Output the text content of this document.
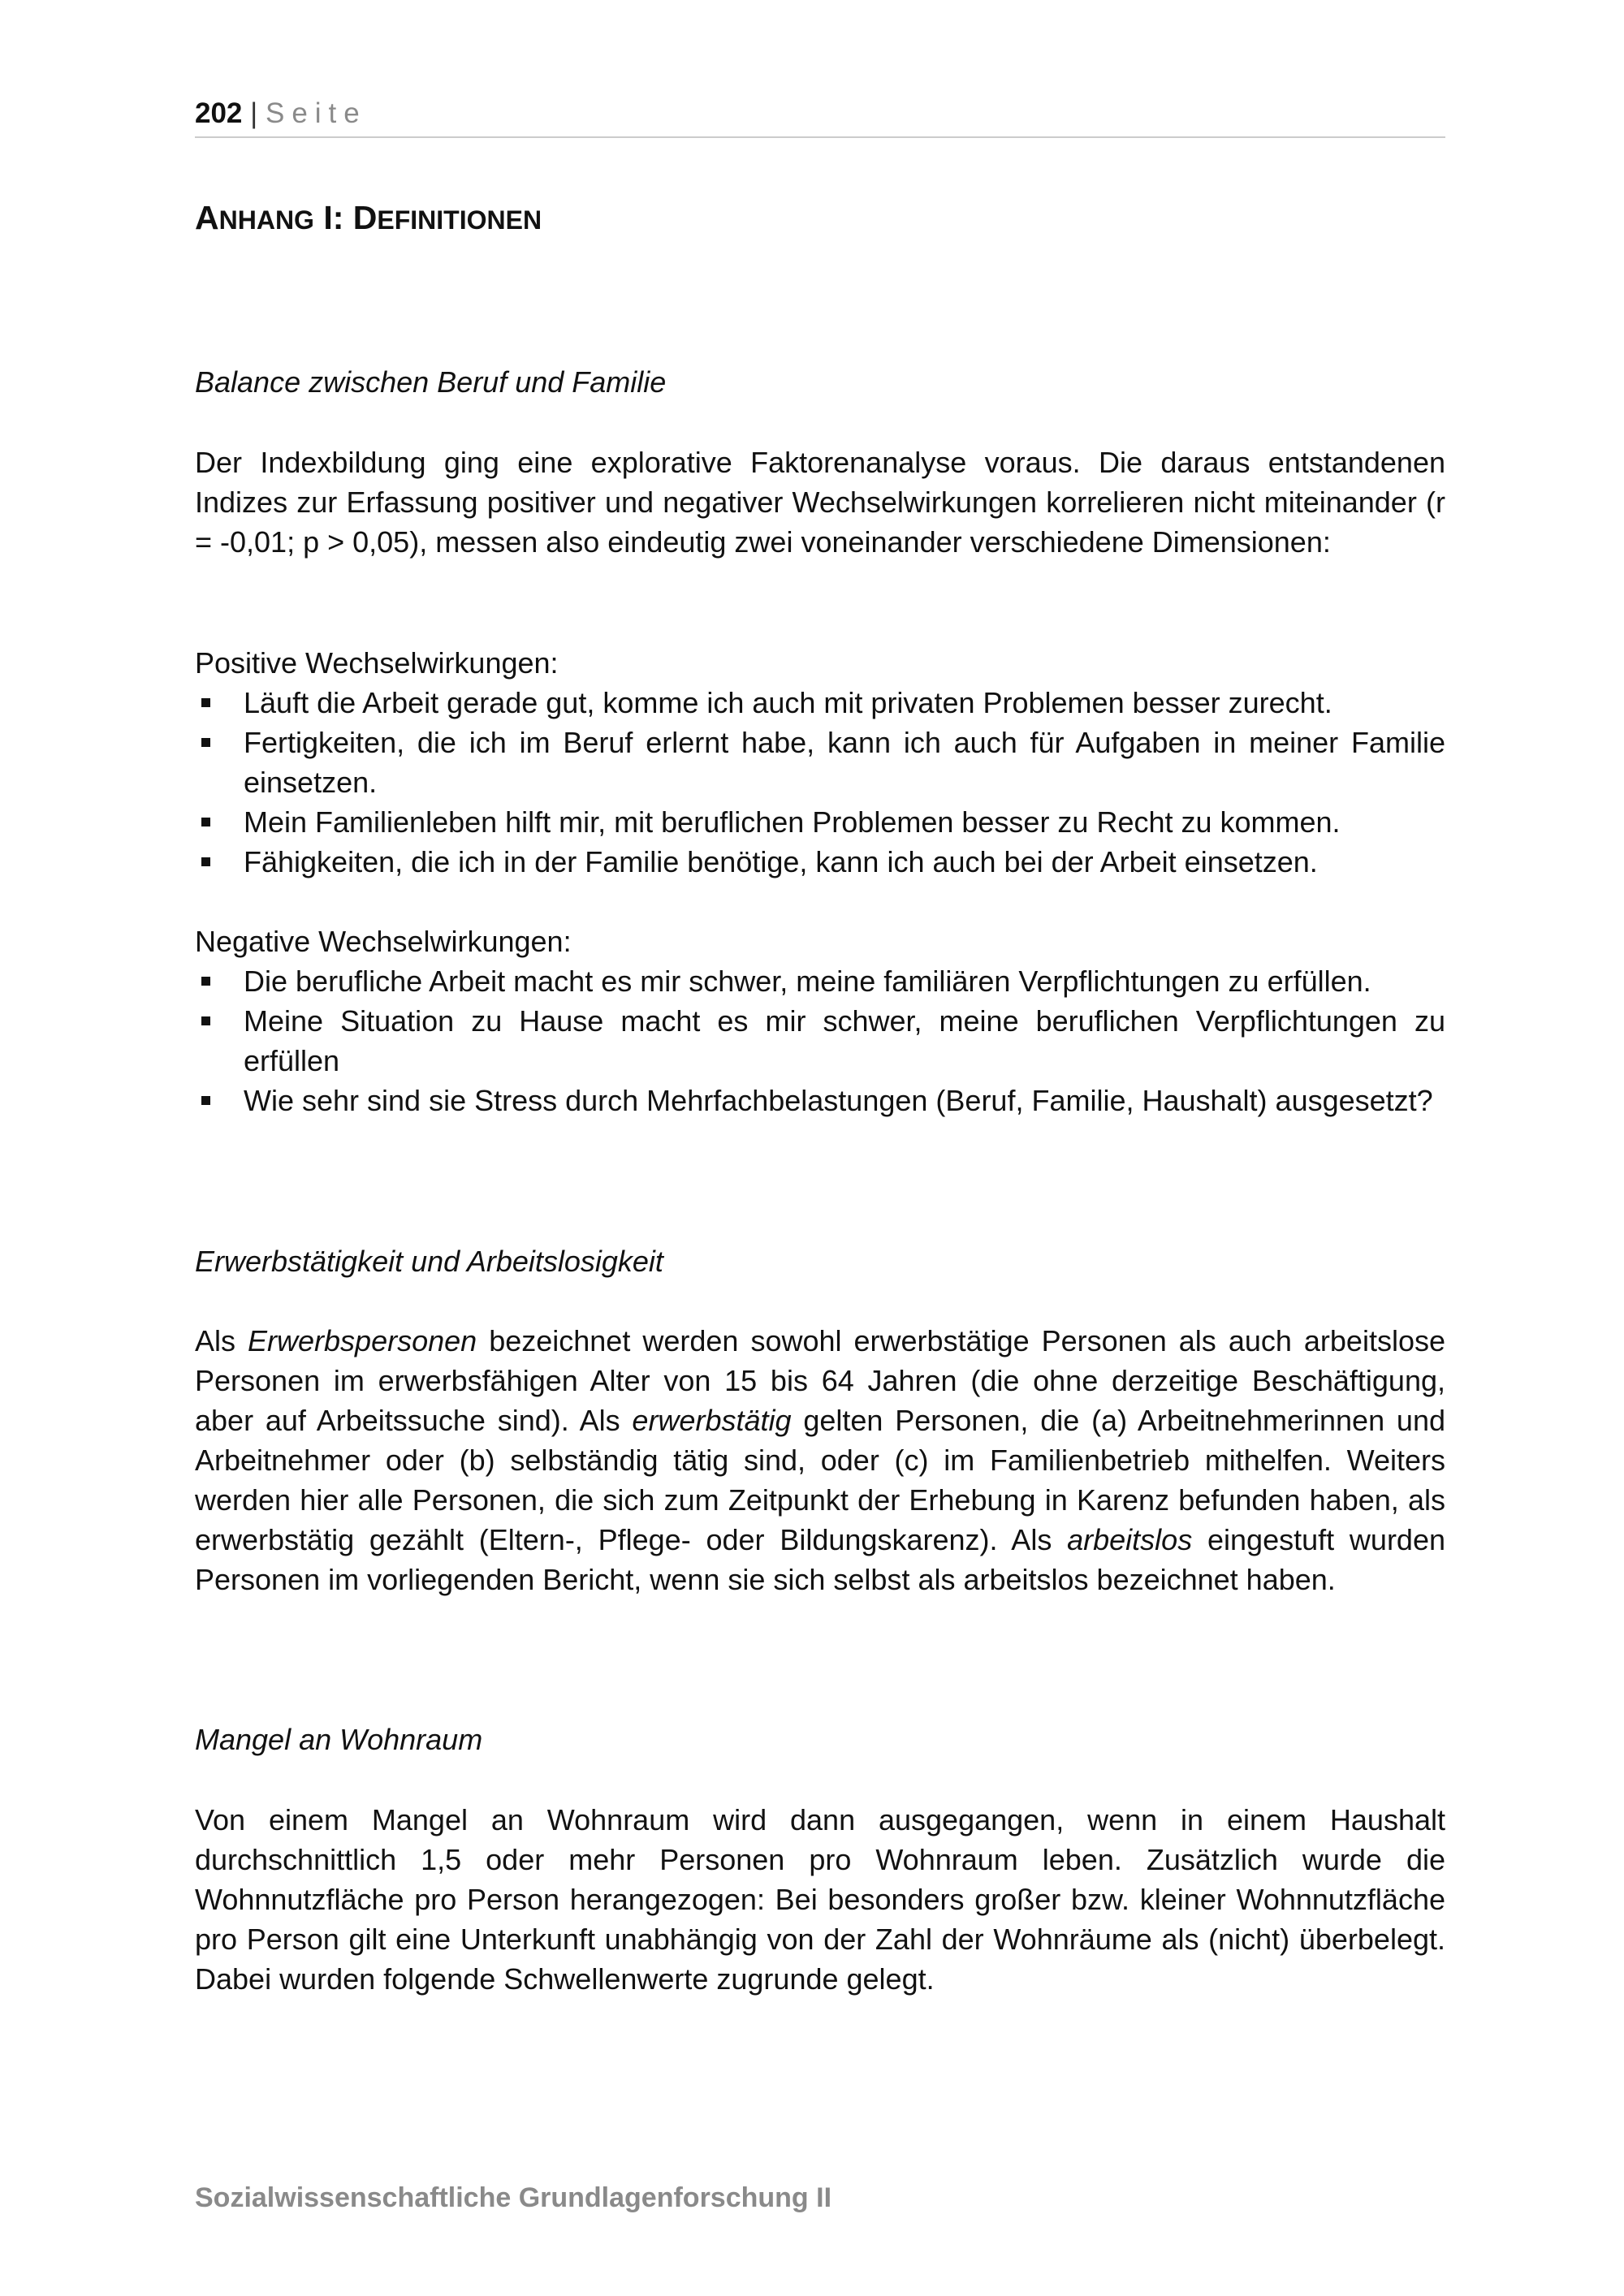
202 | Seite
ANHANG I: DEFINITIONEN
Balance zwischen Beruf und Familie

Der Indexbildung ging eine explorative Faktorenanalyse voraus. Die daraus entstandenen Indizes zur Erfassung positiver und negativer Wechselwirkungen korrelieren nicht miteinander (r = -0,01; p > 0,05), messen also eindeutig zwei voneinander verschiedene Dimensionen:

Positive Wechselwirkungen:
Läuft die Arbeit gerade gut, komme ich auch mit privaten Problemen besser zurecht.
Fertigkeiten, die ich im Beruf erlernt habe, kann ich auch für Aufgaben in meiner Familie einsetzen.
Mein Familienleben hilft mir, mit beruflichen Problemen besser zu Recht zu kommen.
Fähigkeiten, die ich in der Familie benötige, kann ich auch bei der Arbeit einsetzen.
Negative Wechselwirkungen:
Die berufliche Arbeit macht es mir schwer, meine familiären Verpflichtungen zu erfüllen.
Meine Situation zu Hause macht es mir schwer, meine beruflichen Verpflichtungen zu erfüllen
Wie sehr sind sie Stress durch Mehrfachbelastungen (Beruf, Familie, Haushalt) ausgesetzt?
Erwerbstätigkeit und Arbeitslosigkeit

Als Erwerbspersonen bezeichnet werden sowohl erwerbstätige Personen als auch arbeitslose Personen im erwerbsfähigen Alter von 15 bis 64 Jahren (die ohne derzeitige Beschäftigung, aber auf Arbeitssuche sind). Als erwerbstätig gelten Personen, die (a) Arbeitnehmerinnen und Arbeitnehmer oder (b) selbständig tätig sind, oder (c) im Familienbetrieb mithelfen. Weiters werden hier alle Personen, die sich zum Zeitpunkt der Erhebung in Karenz befunden haben, als erwerbstätig gezählt (Eltern-, Pflege- oder Bildungskarenz). Als arbeitslos eingestuft wurden Personen im vorliegenden Bericht, wenn sie sich selbst als arbeitslos bezeichnet haben.

Mangel an Wohnraum

Von einem Mangel an Wohnraum wird dann ausgegangen, wenn in einem Haushalt durchschnittlich 1,5 oder mehr Personen pro Wohnraum leben. Zusätzlich wurde die Wohnnutzfläche pro Person herangezogen: Bei besonders großer bzw. kleiner Wohnnutzfläche pro Person gilt eine Unterkunft unabhängig von der Zahl der Wohnräume als (nicht) überbelegt. Dabei wurden folgende Schwellenwerte zugrunde gelegt.

Sozialwissenschaftliche Grundlagenforschung II
